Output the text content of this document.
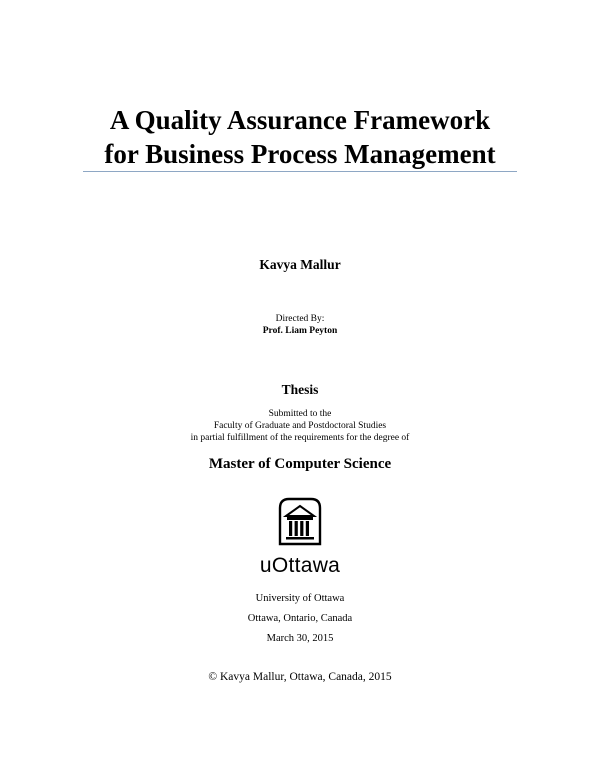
A Quality Assurance Framework
for Business Process Management
Kavya Mallur
Directed By:
Prof. Liam Peyton
Thesis
Submitted to the
Faculty of Graduate and Postdoctoral Studies
in partial fulfillment of the requirements for the degree of
Master of Computer Science
uOttawa
University of Ottawa
Ottawa, Ontario, Canada
March 30, 2015
© Kavya Mallur, Ottawa, Canada, 2015
